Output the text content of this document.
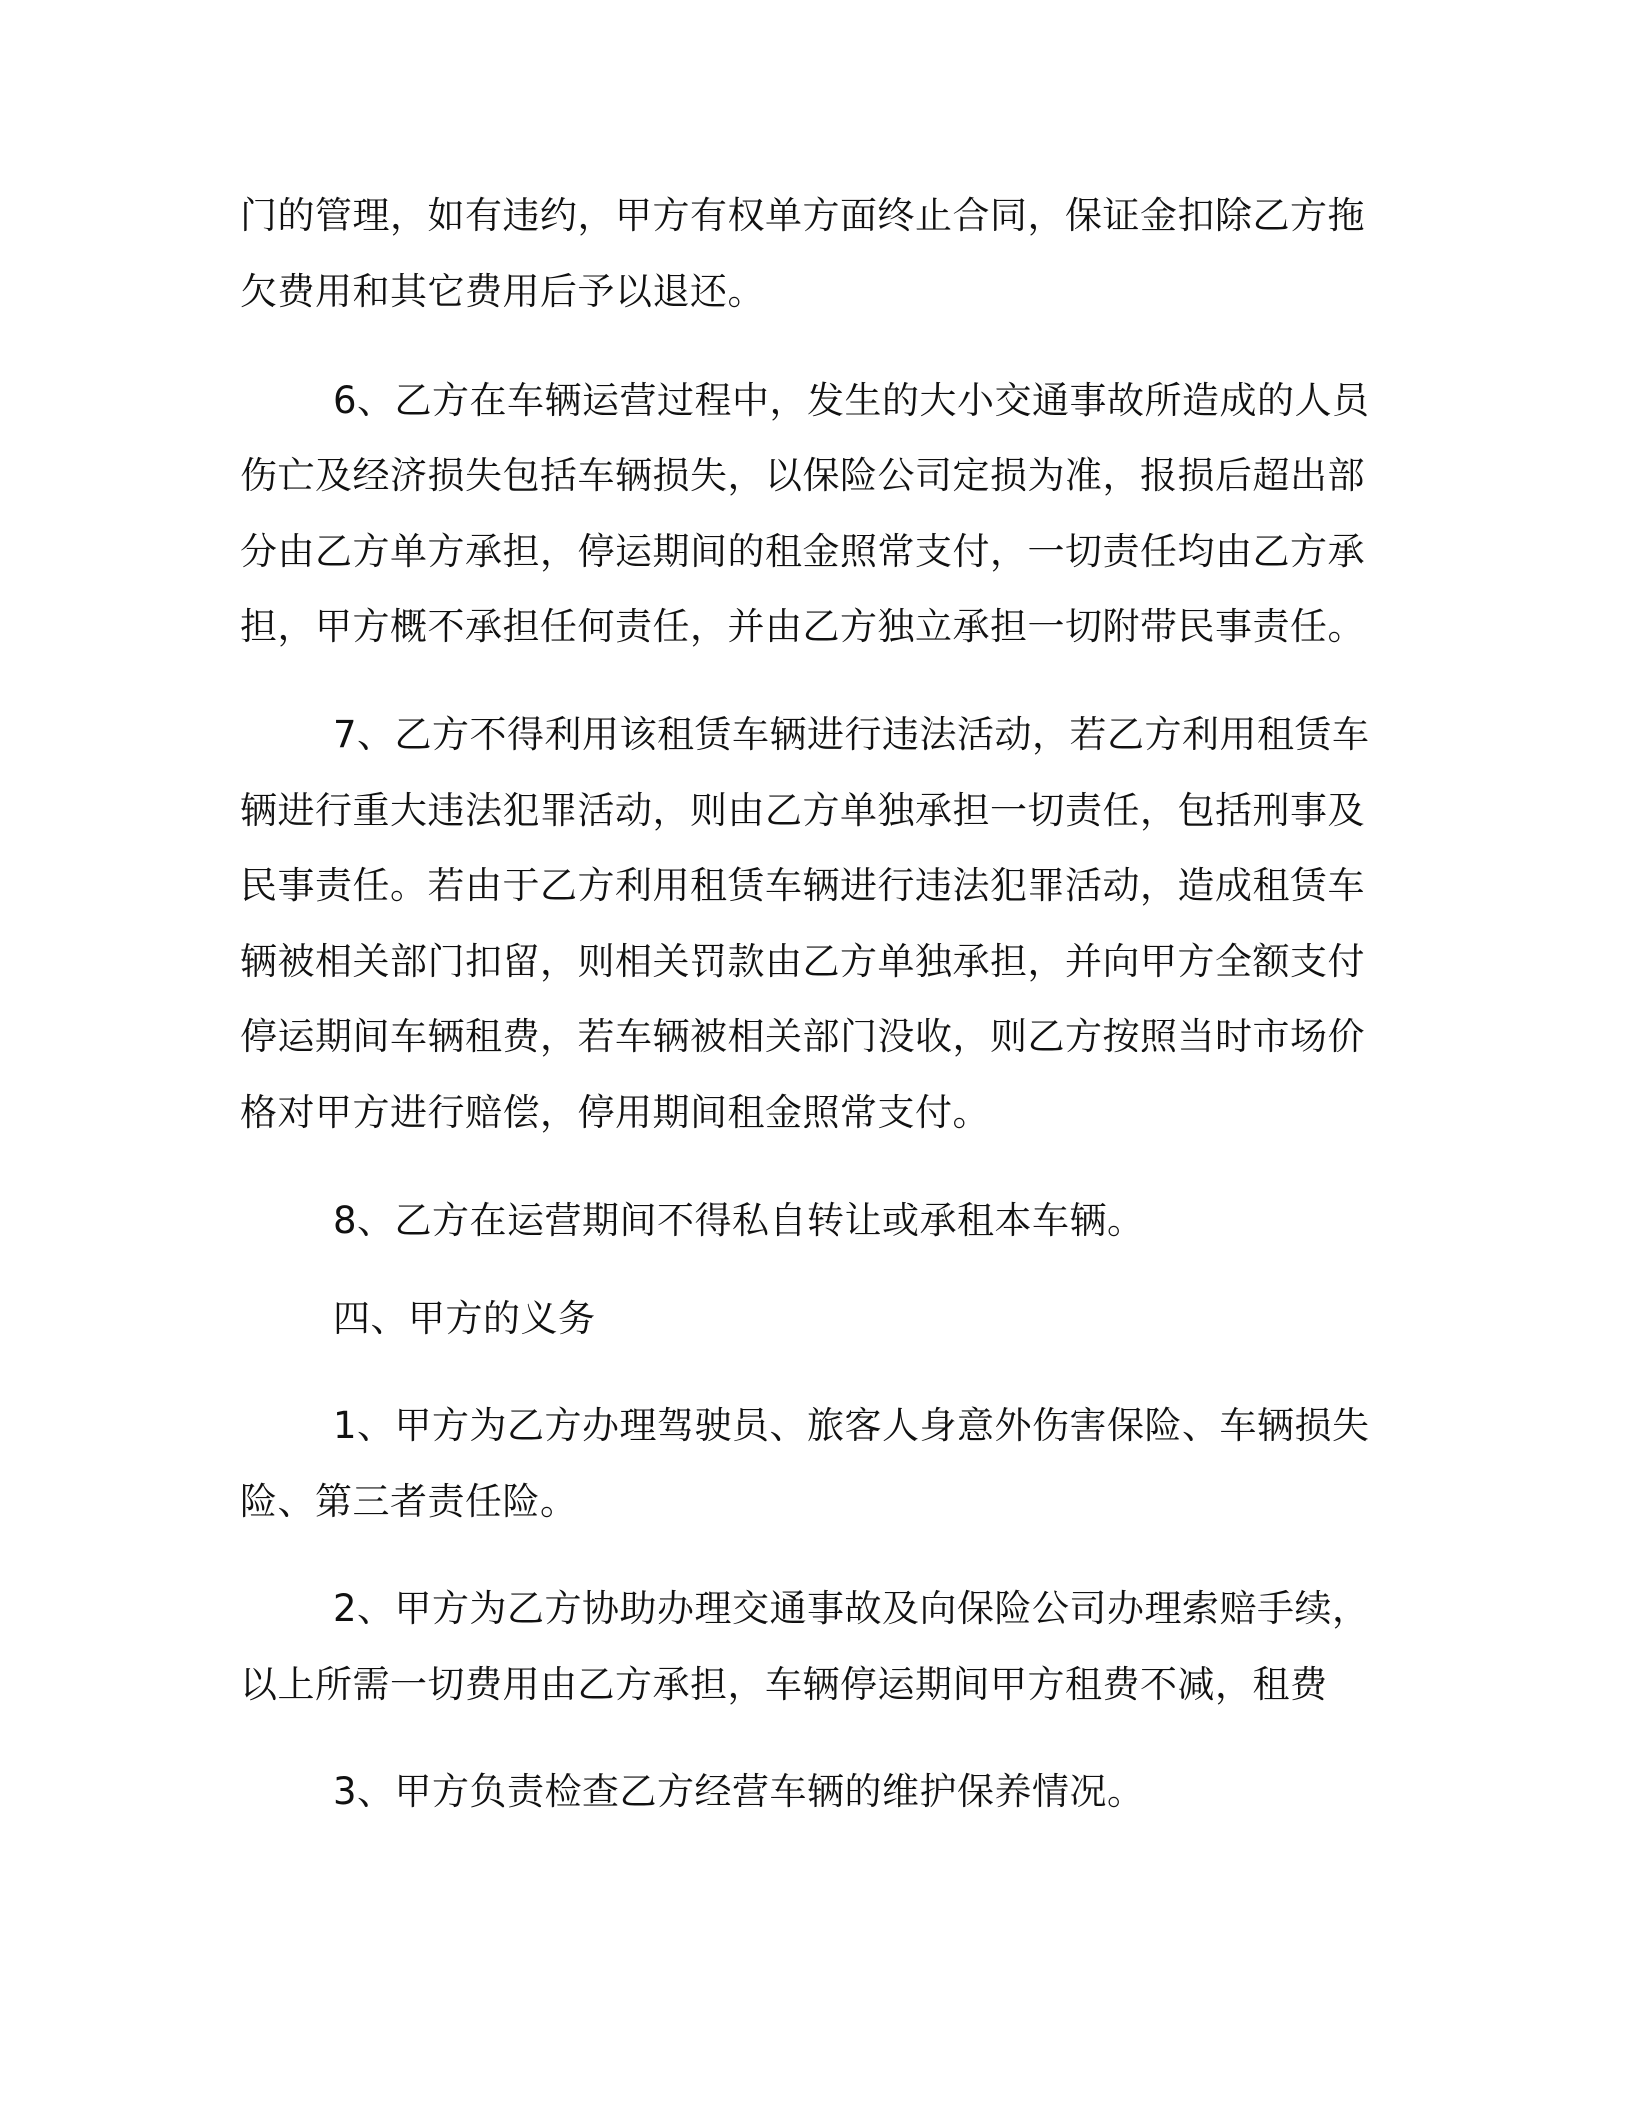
门的管理，如有违约，甲方有权单方面终止合同，保证金扣除乙方拖
欠费用和其它费用后予以退还。
6、乙方在车辆运营过程中，发生的大小交通事故所造成的人员
伤亡及经济损失包括车辆损失，以保险公司定损为准，报损后超出部
分由乙方单方承担，停运期间的租金照常支付，一切责任均由乙方承
担，甲方概不承担任何责任，并由乙方独立承担一切附带民事责任。
7、乙方不得利用该租赁车辆进行违法活动，若乙方利用租赁车
辆进行重大违法犯罪活动，则由乙方单独承担一切责任，包括刑事及
民事责任。若由于乙方利用租赁车辆进行违法犯罪活动，造成租赁车
辆被相关部门扣留，则相关罚款由乙方单独承担，并向甲方全额支付
停运期间车辆租费，若车辆被相关部门没收，则乙方按照当时市场价
格对甲方进行赔偿，停用期间租金照常支付。
8、乙方在运营期间不得私自转让或承租本车辆。
四、甲方的义务
1、甲方为乙方办理驾驶员、旅客人身意外伤害保险、车辆损失
险、第三者责任险。
2、甲方为乙方协助办理交通事故及向保险公司办理索赔手续，
以上所需一切费用由乙方承担，车辆停运期间甲方租费不减，租费
3、甲方负责检查乙方经营车辆的维护保养情况。
